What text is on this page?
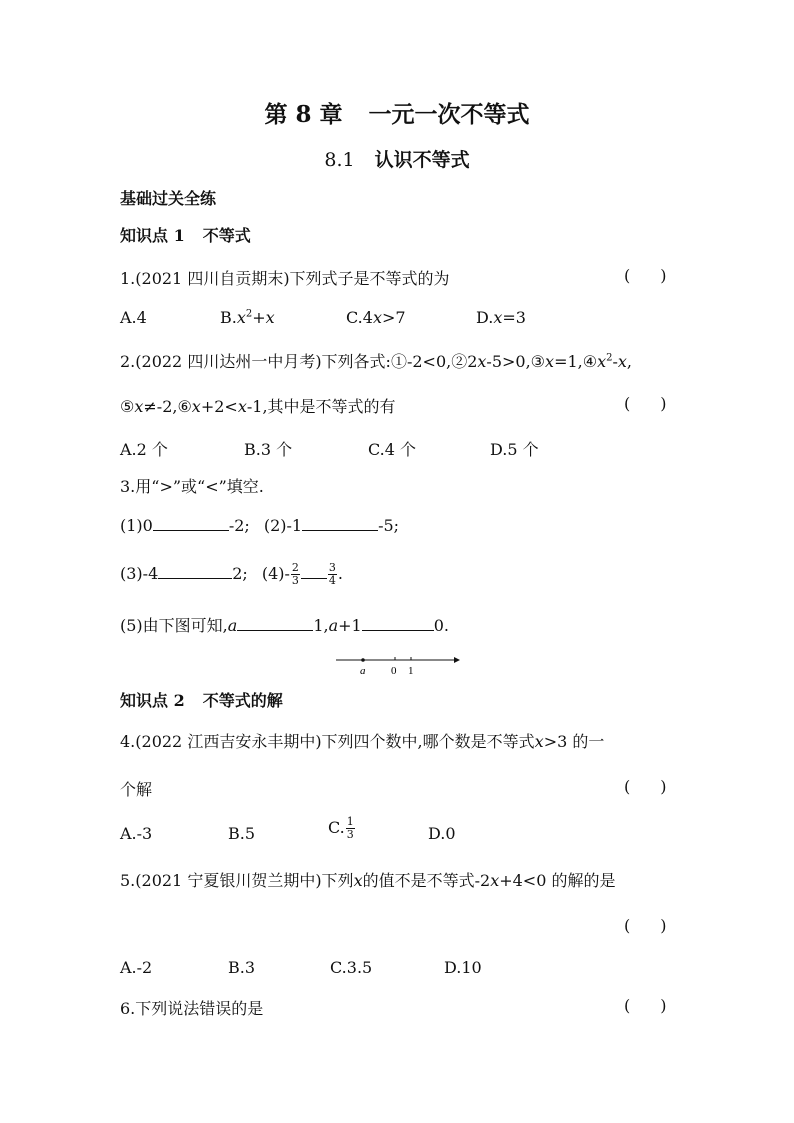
第 8 章 一元一次不等式
8.1 认识不等式
基础过关全练
知识点 1 不等式
1.(2021 四川自贡期末)下列式子是不等式的为	( )
A.4	$B.x^2+x$	C.4x>7	D.x=3
2.(2022 四川达州一中月考)下列各式$:①-2<0,②2x-5>0,③x=1,④x^2-x$,
⑤x≠-2,⑥x+2<x-1,其中是不等式的有	( )
A.2 个	B.3 个	C.4 个	D.5 个
3.用“>”或“<”填空.
(1)0	-2; (2)-1	-5;
(3)-4	2; $(4)- \frac{2}{3}$	$\frac{3}{4}$ .
(5)由下图可知,a	1,a+1	0.
a 0 1
知识点 2 不等式的解
4.(2022 江西吉安永丰期中)下列四个数中,哪个数是不等式x>3 的一
个解	( )
A.-3	B.5	C. $\frac{1}{3}$	D.0
5.(2021 宁夏银川贺兰期中)下列x的值不是不等式-2x+4<0 的解的是
( )
A.-2	B.3	C.3.5	D.10
6.下列说法错误的是	( )
